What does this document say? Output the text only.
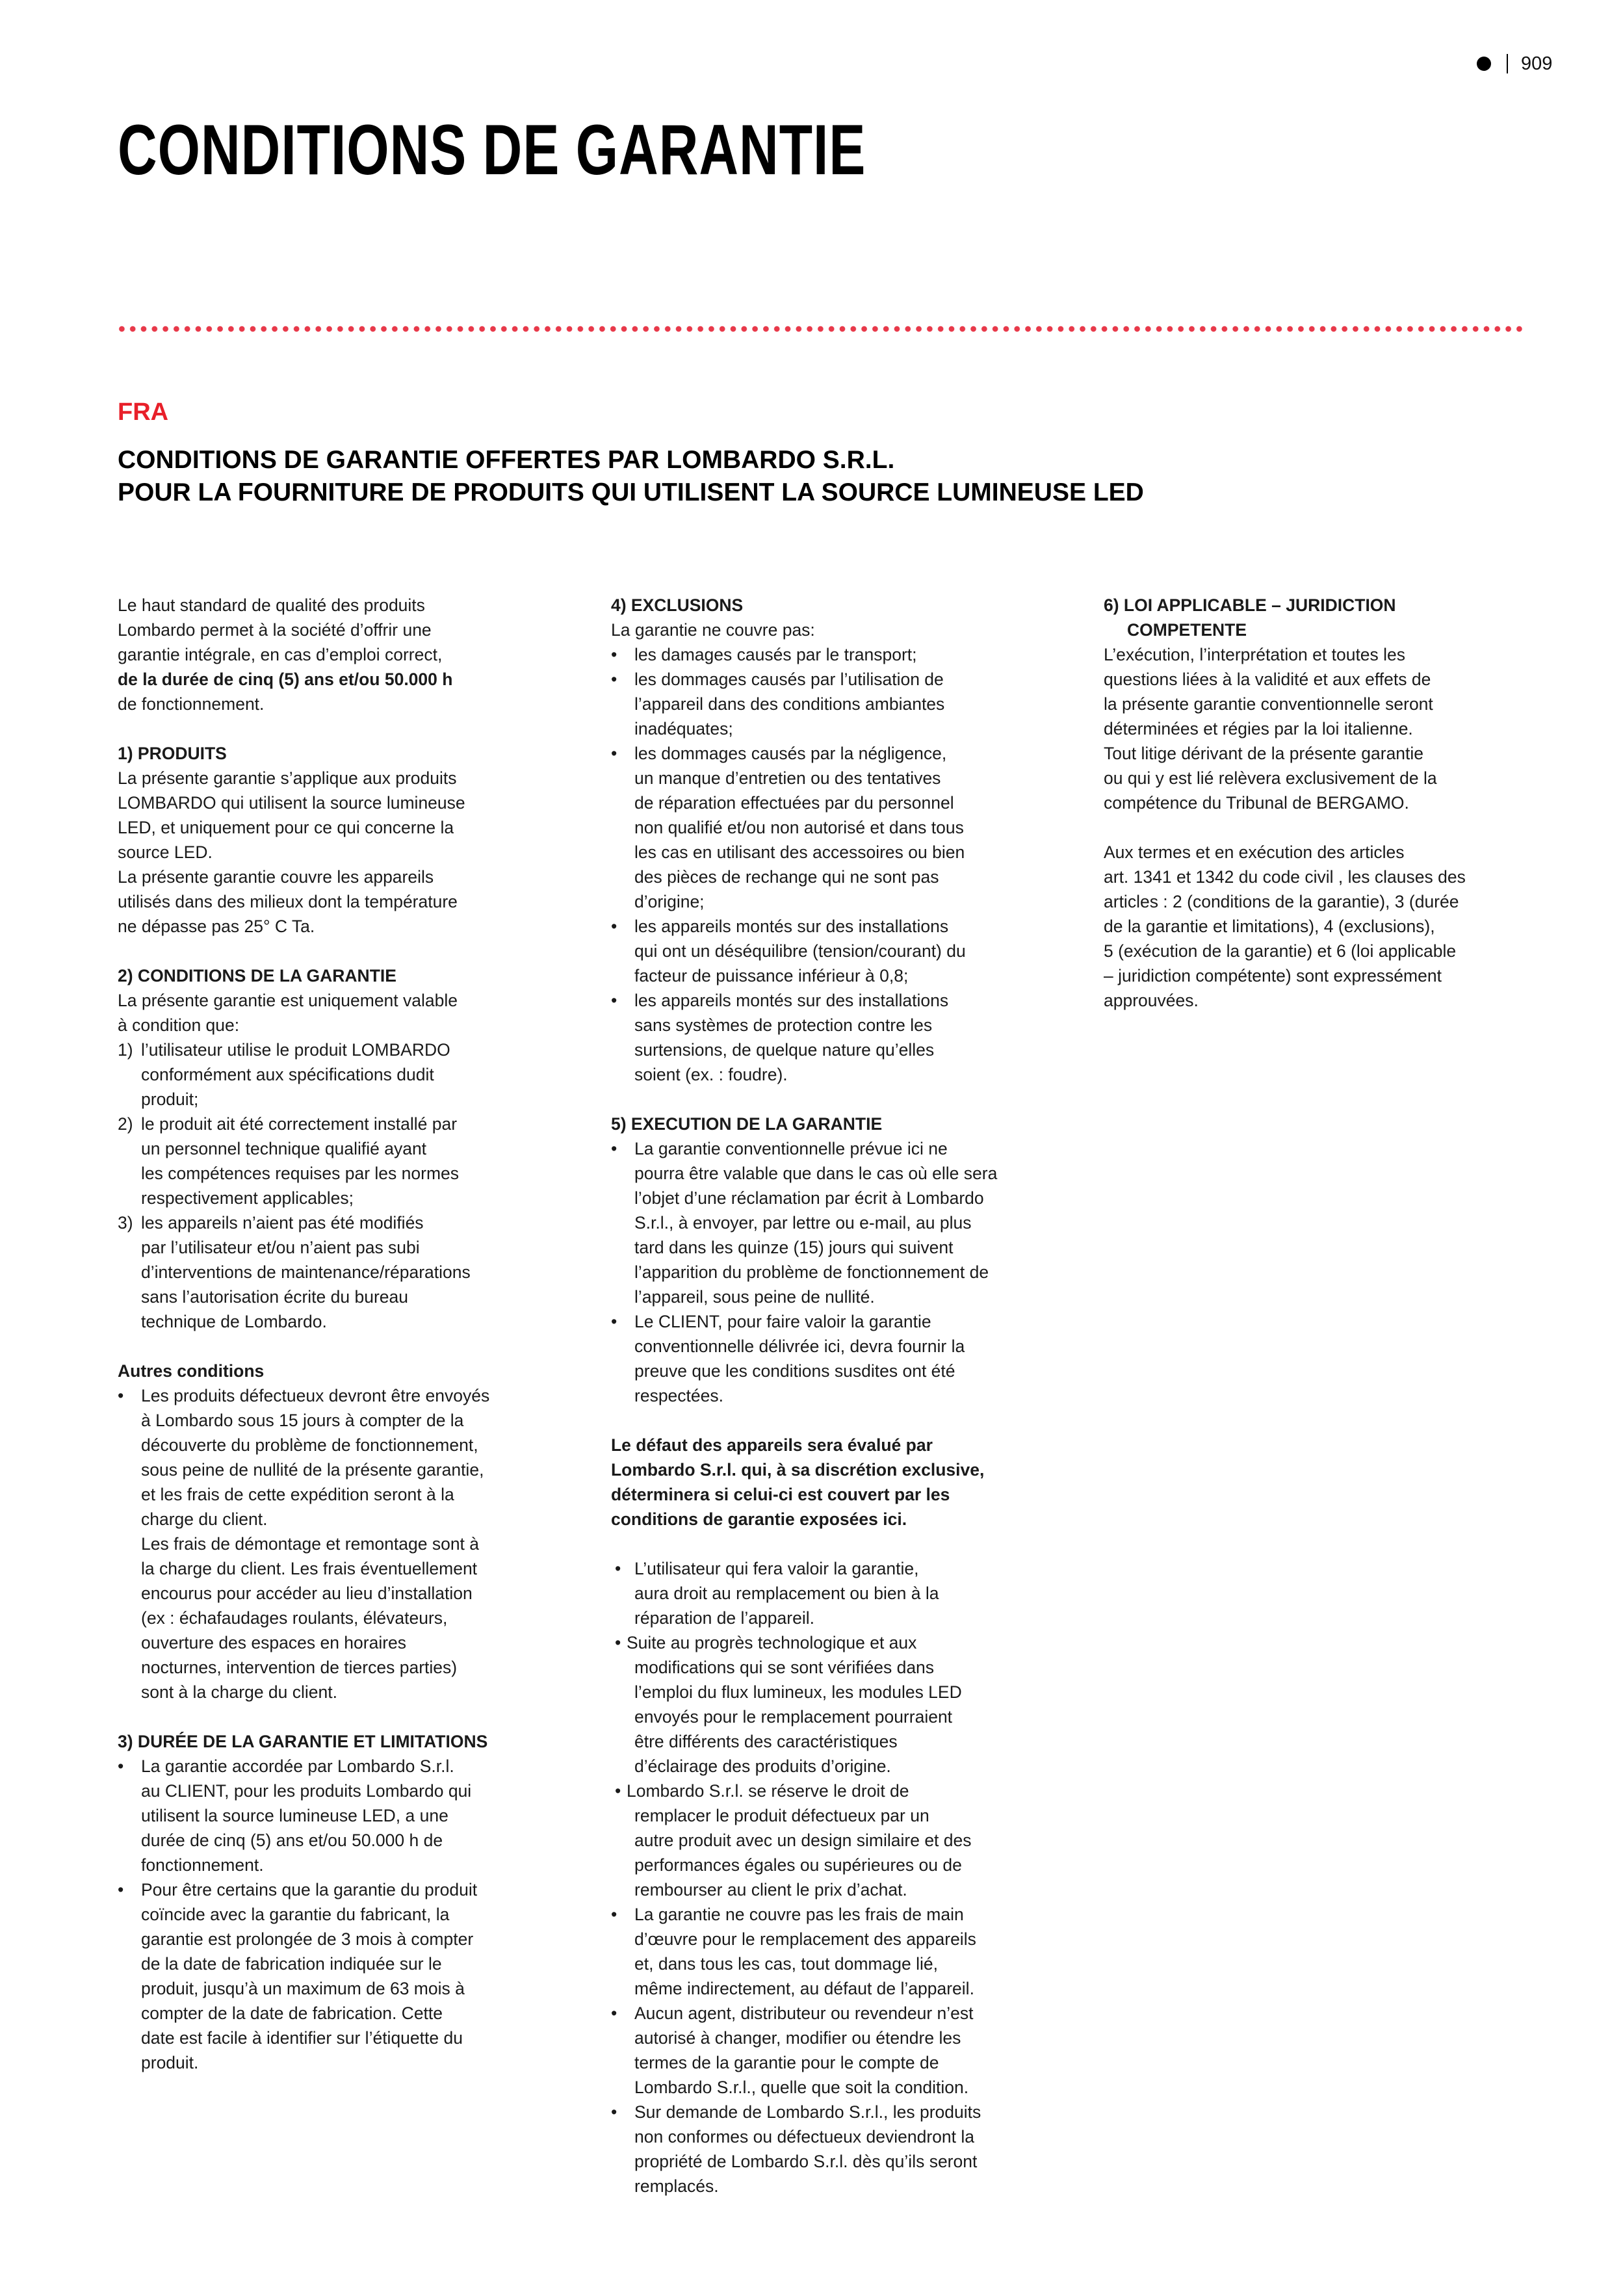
909
CONDITIONS DE GARANTIE
FRA
CONDITIONS DE GARANTIE OFFERTES PAR LOMBARDO S.R.L.
POUR LA FOURNITURE DE PRODUITS QUI UTILISENT LA SOURCE LUMINEUSE LED
Le haut standard de qualité des produits
Lombardo permet à la société d’offrir une
garantie intégrale, en cas d’emploi correct,
de la durée de cinq (5) ans et/ou 50.000 h
de fonctionnement.
1) PRODUITS
La présente garantie s’applique aux produits
LOMBARDO qui utilisent la source lumineuse
LED, et uniquement pour ce qui concerne la
source LED.
La présente garantie couvre les appareils
utilisés dans des milieux dont la température
ne dépasse pas 25° C Ta.
2) CONDITIONS DE LA GARANTIE
La présente garantie est uniquement valable
à condition que:
1) l’utilisateur utilise le produit LOMBARDO
conformément aux spécifications dudit
produit;
2) le produit ait été correctement installé par
un personnel technique qualifié ayant
les compétences requises par les normes
respectivement applicables;
3) les appareils n’aient pas été modifiés
par l’utilisateur et/ou n’aient pas subi
d’interventions de maintenance/réparations
sans l’autorisation écrite du bureau
technique de Lombardo.
Autres conditions
• Les produits défectueux devront être envoyés
à Lombardo sous 15 jours à compter de la
découverte du problème de fonctionnement,
sous peine de nullité de la présente garantie,
et les frais de cette expédition seront à la
charge du client.
Les frais de démontage et remontage sont à
la charge du client. Les frais éventuellement
encourus pour accéder au lieu d’installation
(ex : échafaudages roulants, élévateurs,
ouverture des espaces en horaires
nocturnes, intervention de tierces parties)
sont à la charge du client.
3) DURÉE DE LA GARANTIE ET LIMITATIONS
• La garantie accordée par Lombardo S.r.l.
au CLIENT, pour les produits Lombardo qui
utilisent la source lumineuse LED, a une
durée de cinq (5) ans et/ou 50.000 h de
fonctionnement.
• Pour être certains que la garantie du produit
coïncide avec la garantie du fabricant, la
garantie est prolongée de 3 mois à compter
de la date de fabrication indiquée sur le
produit, jusqu’à un maximum de 63 mois à
compter de la date de fabrication. Cette
date est facile à identifier sur l’étiquette du
produit.
4) EXCLUSIONS
La garantie ne couvre pas:
• les damages causés par le transport;
• les dommages causés par l’utilisation de
l’appareil dans des conditions ambiantes
inadéquates;
• les dommages causés par la négligence,
un manque d’entretien ou des tentatives
de réparation effectuées par du personnel
non qualifié et/ou non autorisé et dans tous
les cas en utilisant des accessoires ou bien
des pièces de rechange qui ne sont pas
d’origine;
• les appareils montés sur des installations
qui ont un déséquilibre (tension/courant) du
facteur de puissance inférieur à 0,8;
• les appareils montés sur des installations
sans systèmes de protection contre les
surtensions, de quelque nature qu’elles
soient (ex. : foudre).
5) EXECUTION DE LA GARANTIE
• La garantie conventionnelle prévue ici ne
pourra être valable que dans le cas où elle sera
l’objet d’une réclamation par écrit à Lombardo
S.r.l., à envoyer, par lettre ou e-mail, au plus
tard dans les quinze (15) jours qui suivent
l’apparition du problème de fonctionnement de
l’appareil, sous peine de nullité.
• Le CLIENT, pour faire valoir la garantie
conventionnelle délivrée ici, devra fournir la
preuve que les conditions susdites ont été
respectées.
Le défaut des appareils sera évalué par
Lombardo S.r.l. qui, à sa discrétion exclusive,
déterminera si celui-ci est couvert par les
conditions de garantie exposées ici.
• L’utilisateur qui fera valoir la garantie,
aura droit au remplacement ou bien à la
réparation de l’appareil.
• Suite au progrès technologique et aux
modifications qui se sont vérifiées dans
l’emploi du flux lumineux, les modules LED
envoyés pour le remplacement pourraient
être différents des caractéristiques
d’éclairage des produits d’origine.
• Lombardo S.r.l. se réserve le droit de
remplacer le produit défectueux par un
autre produit avec un design similaire et des
performances égales ou supérieures ou de
rembourser au client le prix d’achat.
• La garantie ne couvre pas les frais de main
d’œuvre pour le remplacement des appareils
et, dans tous les cas, tout dommage lié,
même indirectement, au défaut de l’appareil.
• Aucun agent, distributeur ou revendeur n’est
autorisé à changer, modifier ou étendre les
termes de la garantie pour le compte de
Lombardo S.r.l., quelle que soit la condition.
• Sur demande de Lombardo S.r.l., les produits
non conformes ou défectueux deviendront la
propriété de Lombardo S.r.l. dès qu’ils seront
remplacés.
6) LOI APPLICABLE – JURIDICTION
COMPETENTE
L’exécution, l’interprétation et toutes les
questions liées à la validité et aux effets de
la présente garantie conventionnelle seront
déterminées et régies par la loi italienne.
Tout litige dérivant de la présente garantie
ou qui y est lié relèvera exclusivement de la
compétence du Tribunal de BERGAMO.
Aux termes et en exécution des articles
art. 1341 et 1342 du code civil , les clauses des
articles : 2 (conditions de la garantie), 3 (durée
de la garantie et limitations), 4 (exclusions),
5 (exécution de la garantie) et 6 (loi applicable
– juridiction compétente) sont expressément
approuvées.
